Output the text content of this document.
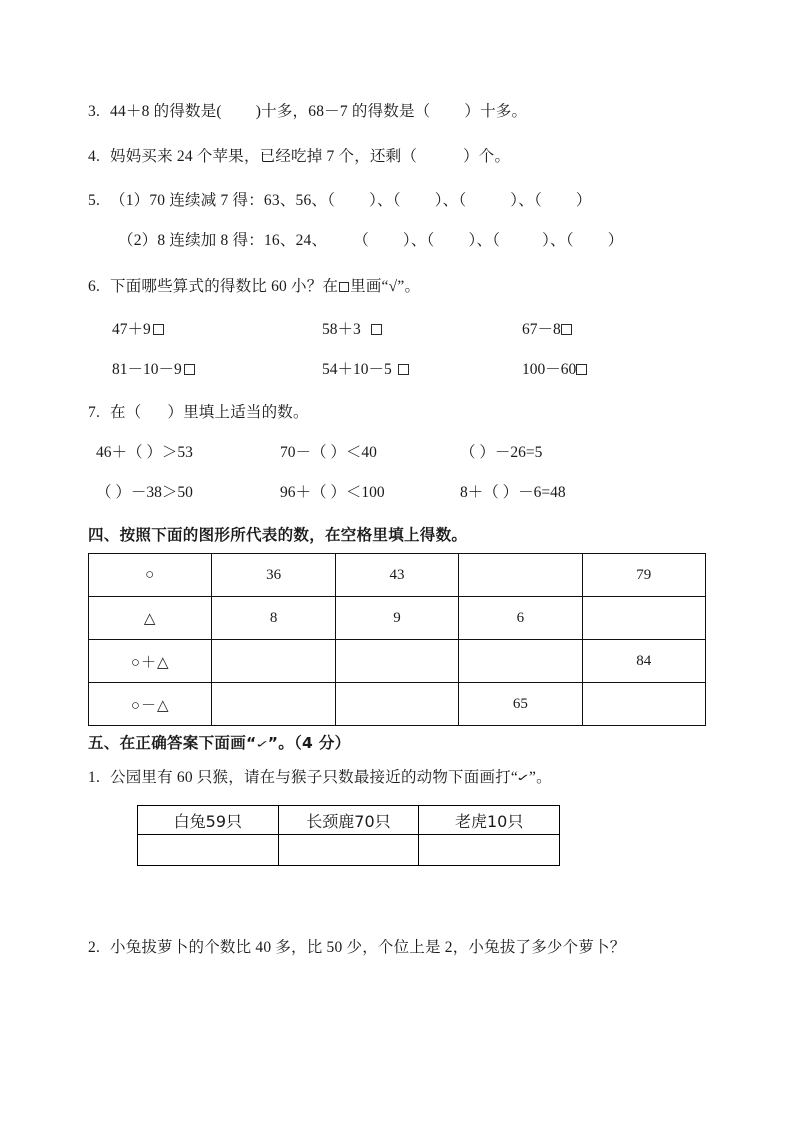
3. 44＋8 的得数是( )十多，68－7 的得数是（ ）十多。
4. 妈妈买来 24 个苹果，已经吃掉 7 个，还剩（	）个。
5. （1）70 连续减 7 得：63、56、（ ）、（ ）、（	）、（ ）
（2）8 连续加 8 得：16、24、 （ ）、（ ）、（	）、（ ）
6. 下面哪些算式的得数比 60 小？在 里画“√”。
47＋9	58＋3	67－8
81－10－9	54＋10－5	100－60
7. 在（ ）里填上适当的数。
46＋（ ）＞53	70－（ ）＜40	（ ）－26=5
（ ）－38＞50	96＋（ ）＜100	8＋（ ）－6=48
四、按照下面的图形所代表的数，在空格里填上得数。
○	36	43		79
△	8	9	6	
○＋△				84
○－△			65	
五、在正确答案下面画“✓”。（4 分）
1. 公园里有 60 只猴，请在与猴子只数最接近的动物下面画打“✓”。
白兔59只	长颈鹿70只	老虎10只

2. 小兔拔萝卜的个数比 40 多，比 50 少，个位上是 2，小兔拔了多少个萝卜？
